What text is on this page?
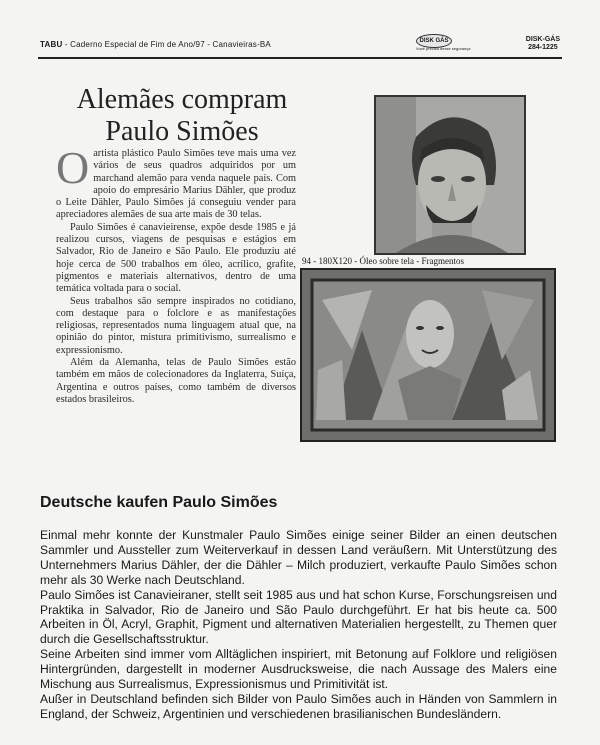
TABU - Caderno Especial de Fim de Ano/97 - Canavieiras-BA	DISK GÁS
Você precisa desse segurança
DISK-GÁS
284-1225
Alemães compram
Paulo Simões

O artista plástico Paulo Simões teve mais uma vez vários de seus quadros adquiridos por um marchand alemão para venda naquele país. Com apoio do empresário Marius Dähler, que produz o Leite Dähler, Paulo Simões já conseguiu vender para apreciadores alemães de sua arte mais de 30 telas.

Paulo Simões é canavieirense, expõe desde 1985 e já realizou cursos, viagens de pesquisas e estágios em Salvador, Rio de Janeiro e São Paulo. Ele produziu até hoje cerca de 500 trabalhos em óleo, acrílico, grafite, pigmentos e materiais alternativos, dentro de uma temática voltada para o social.

Seus trabalhos são sempre inspirados no cotidiano, com destaque para o folclore e as manifestações religiosas, representados numa linguagem atual que, na opinião do pintor, mistura primitivismo, surrealismo e expressionismo.

Além da Alemanha, telas de Paulo Simões estão também em mãos de colecionadores da Inglaterra, Suíça, Argentina e outros países, como também de diversos estados brasileiros.

94 - 180X120 - Óleo sobre tela - Fragmentos
Deutsche kaufen Paulo Simões

Einmal mehr konnte der Kunstmaler Paulo Simões einige seiner Bilder an einen deutschen Sammler und Aussteller zum Weiterverkauf in dessen Land veräußern. Mit Unterstützung des Unternehmers Marius Dähler, der die Dähler – Milch produziert, verkaufte Paulo Simões schon mehr als 30 Werke nach Deutschland.

Paulo Simões ist Canavieiraner, stellt seit 1985 aus und hat schon Kurse, Forschungsreisen und Praktika in Salvador, Rio de Janeiro und São Paulo durchgeführt. Er hat bis heute ca. 500 Arbeiten in Öl, Acryl, Graphit, Pigment und alternativen Materialien hergestellt, zu Themen quer durch die Gesellschaftsstruktur.

Seine Arbeiten sind immer vom Alltäglichen inspiriert, mit Betonung auf Folklore und religiösen Hintergründen, dargestellt in moderner Ausdrucksweise, die nach Aussage des Malers eine Mischung aus Surrealismus, Expressionismus und Primitivität ist.

Außer in Deutschland befinden sich Bilder von Paulo Simões auch in Händen von Sammlern in England, der Schweiz, Argentinien und verschiedenen brasilianischen Bundesländern.
